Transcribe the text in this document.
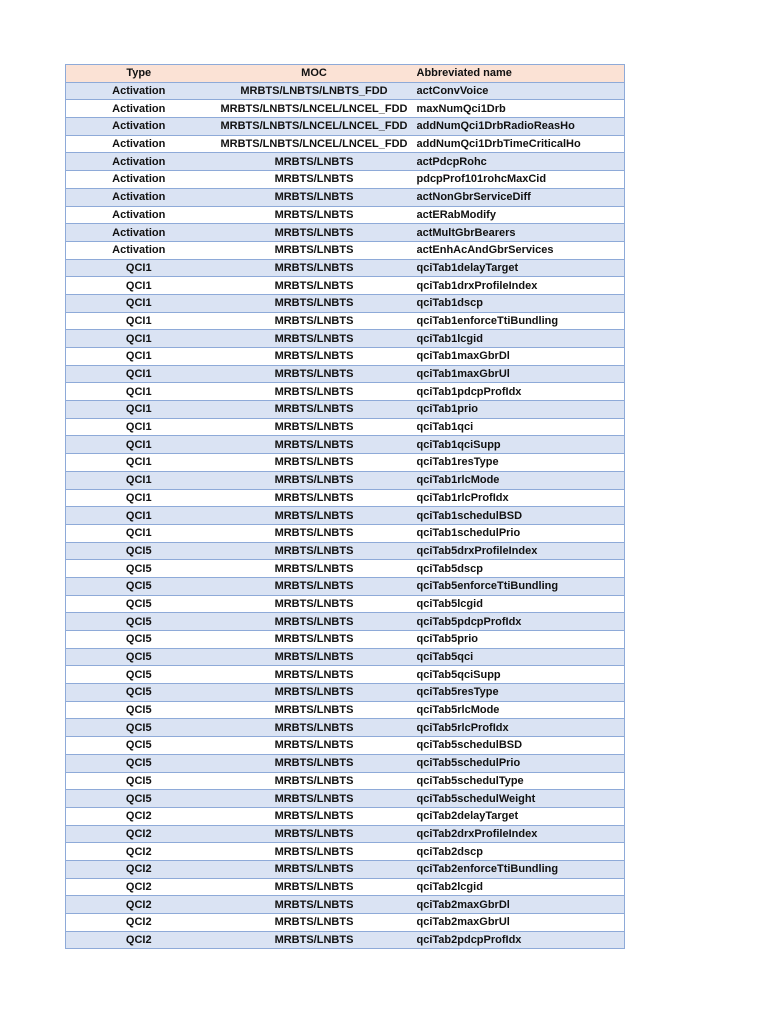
Type	MOC	Abbreviated name
Activation	MRBTS/LNBTS/LNBTS_FDD	actConvVoice
Activation	MRBTS/LNBTS/LNCEL/LNCEL_FDD	maxNumQci1Drb
Activation	MRBTS/LNBTS/LNCEL/LNCEL_FDD	addNumQci1DrbRadioReasHo
Activation	MRBTS/LNBTS/LNCEL/LNCEL_FDD	addNumQci1DrbTimeCriticalHo
Activation	MRBTS/LNBTS	actPdcpRohc
Activation	MRBTS/LNBTS	pdcpProf101rohcMaxCid
Activation	MRBTS/LNBTS	actNonGbrServiceDiff
Activation	MRBTS/LNBTS	actERabModify
Activation	MRBTS/LNBTS	actMultGbrBearers
Activation	MRBTS/LNBTS	actEnhAcAndGbrServices
QCI1	MRBTS/LNBTS	qciTab1delayTarget
QCI1	MRBTS/LNBTS	qciTab1drxProfileIndex
QCI1	MRBTS/LNBTS	qciTab1dscp
QCI1	MRBTS/LNBTS	qciTab1enforceTtiBundling
QCI1	MRBTS/LNBTS	qciTab1lcgid
QCI1	MRBTS/LNBTS	qciTab1maxGbrDl
QCI1	MRBTS/LNBTS	qciTab1maxGbrUl
QCI1	MRBTS/LNBTS	qciTab1pdcpProfIdx
QCI1	MRBTS/LNBTS	qciTab1prio
QCI1	MRBTS/LNBTS	qciTab1qci
QCI1	MRBTS/LNBTS	qciTab1qciSupp
QCI1	MRBTS/LNBTS	qciTab1resType
QCI1	MRBTS/LNBTS	qciTab1rlcMode
QCI1	MRBTS/LNBTS	qciTab1rlcProfIdx
QCI1	MRBTS/LNBTS	qciTab1schedulBSD
QCI1	MRBTS/LNBTS	qciTab1schedulPrio
QCI5	MRBTS/LNBTS	qciTab5drxProfileIndex
QCI5	MRBTS/LNBTS	qciTab5dscp
QCI5	MRBTS/LNBTS	qciTab5enforceTtiBundling
QCI5	MRBTS/LNBTS	qciTab5lcgid
QCI5	MRBTS/LNBTS	qciTab5pdcpProfIdx
QCI5	MRBTS/LNBTS	qciTab5prio
QCI5	MRBTS/LNBTS	qciTab5qci
QCI5	MRBTS/LNBTS	qciTab5qciSupp
QCI5	MRBTS/LNBTS	qciTab5resType
QCI5	MRBTS/LNBTS	qciTab5rlcMode
QCI5	MRBTS/LNBTS	qciTab5rlcProfIdx
QCI5	MRBTS/LNBTS	qciTab5schedulBSD
QCI5	MRBTS/LNBTS	qciTab5schedulPrio
QCI5	MRBTS/LNBTS	qciTab5schedulType
QCI5	MRBTS/LNBTS	qciTab5schedulWeight
QCI2	MRBTS/LNBTS	qciTab2delayTarget
QCI2	MRBTS/LNBTS	qciTab2drxProfileIndex
QCI2	MRBTS/LNBTS	qciTab2dscp
QCI2	MRBTS/LNBTS	qciTab2enforceTtiBundling
QCI2	MRBTS/LNBTS	qciTab2lcgid
QCI2	MRBTS/LNBTS	qciTab2maxGbrDl
QCI2	MRBTS/LNBTS	qciTab2maxGbrUl
QCI2	MRBTS/LNBTS	qciTab2pdcpProfIdx
